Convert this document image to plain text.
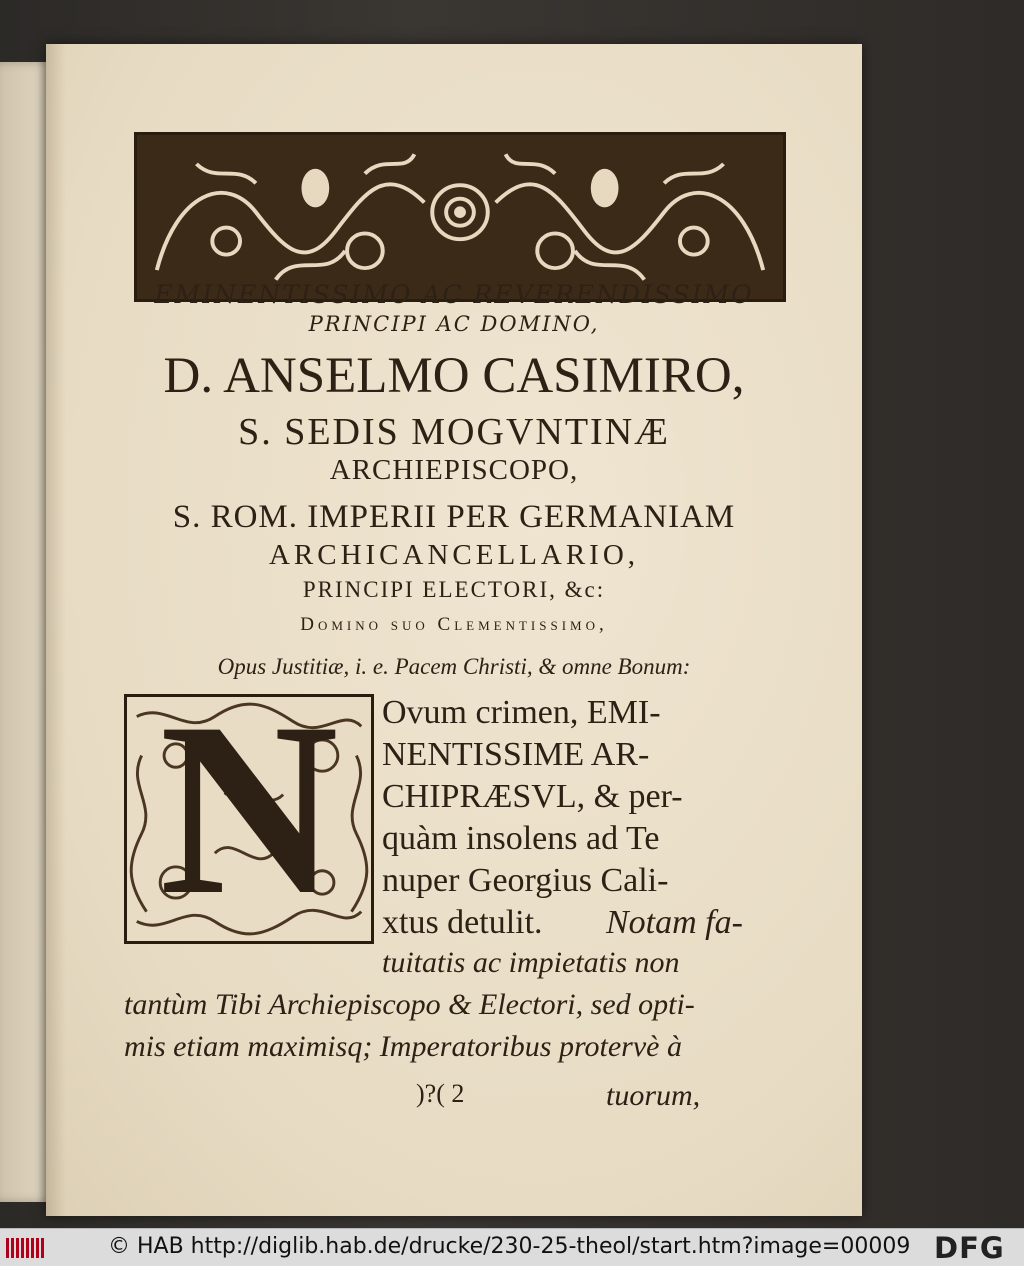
EMINENTISSIMO AC REVERENDISSIMO
PRINCIPI AC DOMINO,
D. ANSELMO CASIMIRO,
S. SEDIS MOGVNTINÆ
ARCHIEPISCOPO,
S. ROM. IMPERII PER GERMANIAM
ARCHICANCELLARIO,
PRINCIPI ELECTORI, &c:
Domino suo Clementissimo,
Opus Justitiæ, i. e. Pacem Christi, & omne Bonum:
N	Ovum crimen, EMI-
NENTISSIME AR-
CHIPRÆSVL, & per-
quàm insolens ad Te
nuper Georgius Cali-
xtus detulit. Notam fa-
tuitatis ac impietatis non
tantùm Tibi Archiepiscopo & Electori, sed opti-
mis etiam maximisq; Imperatoribus protervè à
)?( 2	tuorum,
© HAB http://diglib.hab.de/drucke/230-25-theol/start.htm?image=00009 DFG
